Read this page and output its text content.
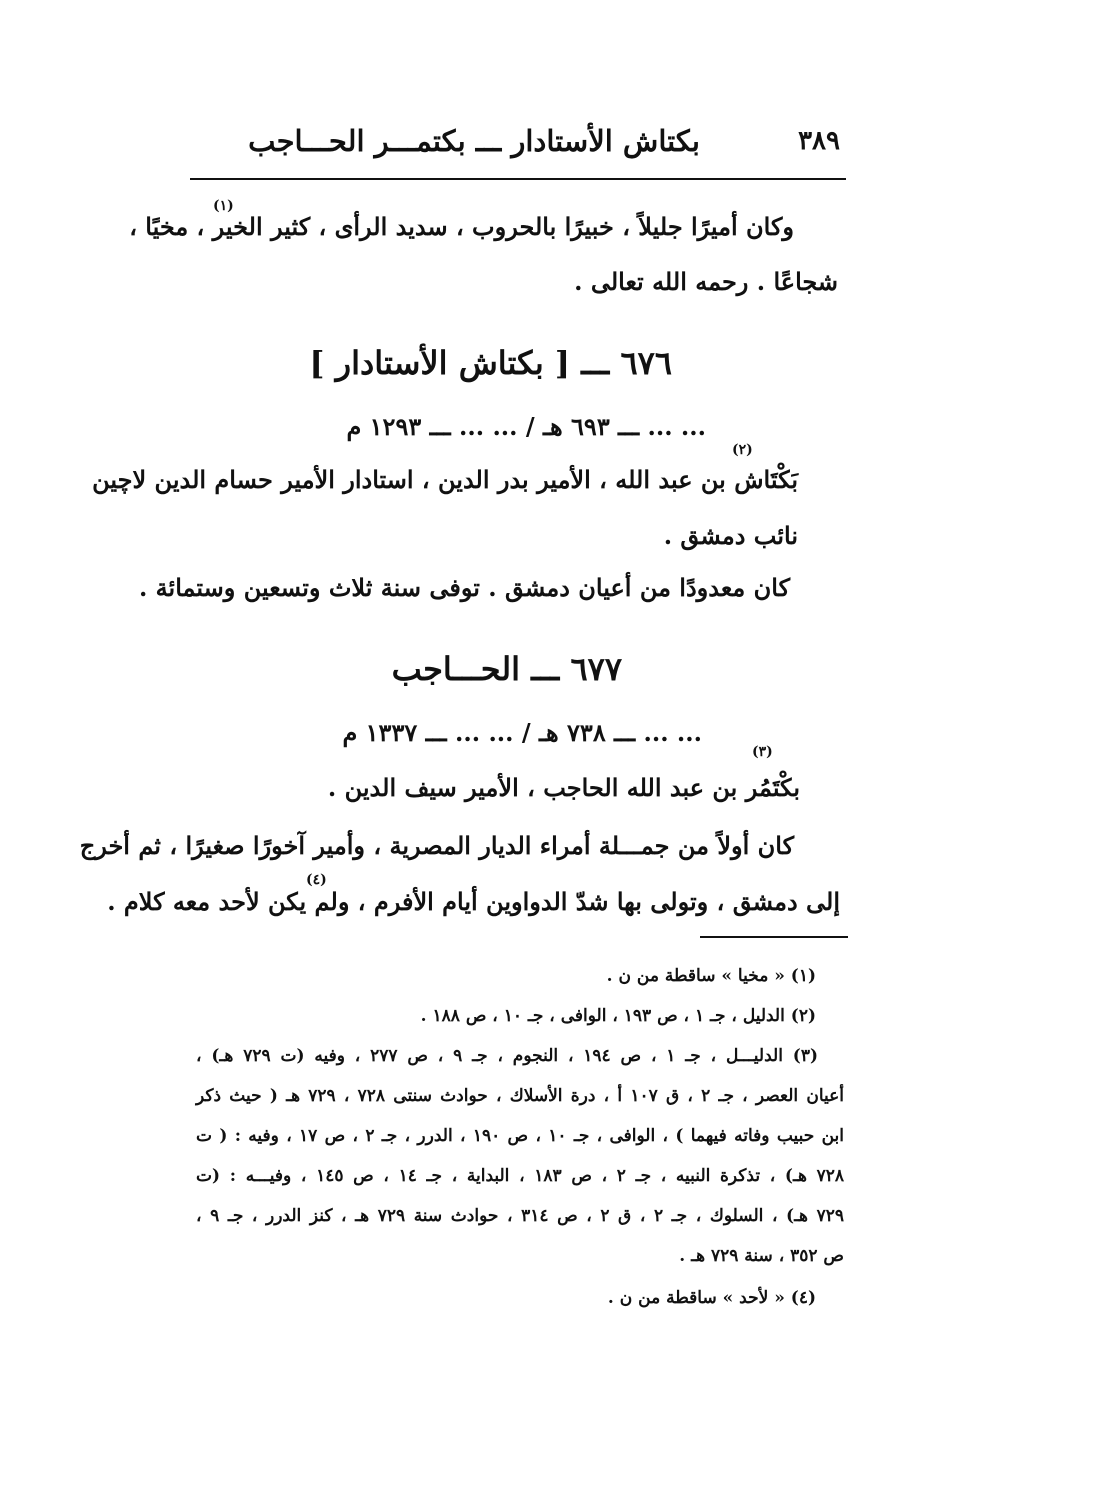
٣٨٩
بكتاش الأستادار ـــ بكتمـــر الحـــاجب
(١)
وكان أميرًا جليلاً ، خبيرًا بالحروب ، سديد الرأى ، كثير الخير ، مخيًا ،
شجاعًا . رحمه الله تعالى .
٦٧٦ ـــ [ بكتاش الأستادار ]
... ... ـــ ٦٩٣ هـ / ... ... ـــ ١٢٩٣ م
(٢)
بَكْتَاش بن عبد الله ، الأمير بدر الدين ، استادار الأمير حسام الدين لاچين
نائب دمشق .
كان معدودًا من أعيان دمشق . توفى سنة ثلاث وتسعين وستمائة .
٦٧٧ ـــ الحـــاجب
... ... ـــ ٧٣٨ هـ / ... ... ـــ ١٣٣٧ م
(٣)
بكْتَمُر بن عبد الله الحاجب ، الأمير سيف الدين .
كان أولاً من جمـــلة أمراء الديار المصرية ، وأمير آخورًا صغيرًا ، ثم أخرج
(٤)
إلى دمشق ، وتولى بها شدّ الدواوين أيام الأفرم ، ولم يكن لأحد معه كلام .
(١) « مخيا » ساقطة من ن .
(٢) الدليل ، جـ ١ ، ص ١٩٣ ، الوافى ، جـ ١٠ ، ص ١٨٨ .
(٣) الدليـــل ، جـ ١ ، ص ١٩٤ ، النجوم ، جـ ٩ ، ص ٢٧٧ ، وفيه (ت ٧٢٩ هـ) ،
أعيان العصر ، جـ ٢ ، ق ١٠٧ أ ، درة الأسلاك ، حوادث سنتى ٧٢٨ ، ٧٢٩ هـ ( حيث ذكر
ابن حبيب وفاته فيهما ) ، الوافى ، جـ ١٠ ، ص ١٩٠ ، الدرر ، جـ ٢ ، ص ١٧ ، وفيه : ( ت
٧٢٨ هـ) ، تذكرة النبيه ، جـ ٢ ، ص ١٨٣ ، البداية ، جـ ١٤ ، ص ١٤٥ ، وفيـــه : (ت
٧٢٩ هـ) ، السلوك ، جـ ٢ ، ق ٢ ، ص ٣١٤ ، حوادث سنة ٧٢٩ هـ ، كنز الدرر ، جـ ٩ ،
ص ٣٥٢ ، سنة ٧٢٩ هـ .
(٤) « لأحد » ساقطة من ن .
